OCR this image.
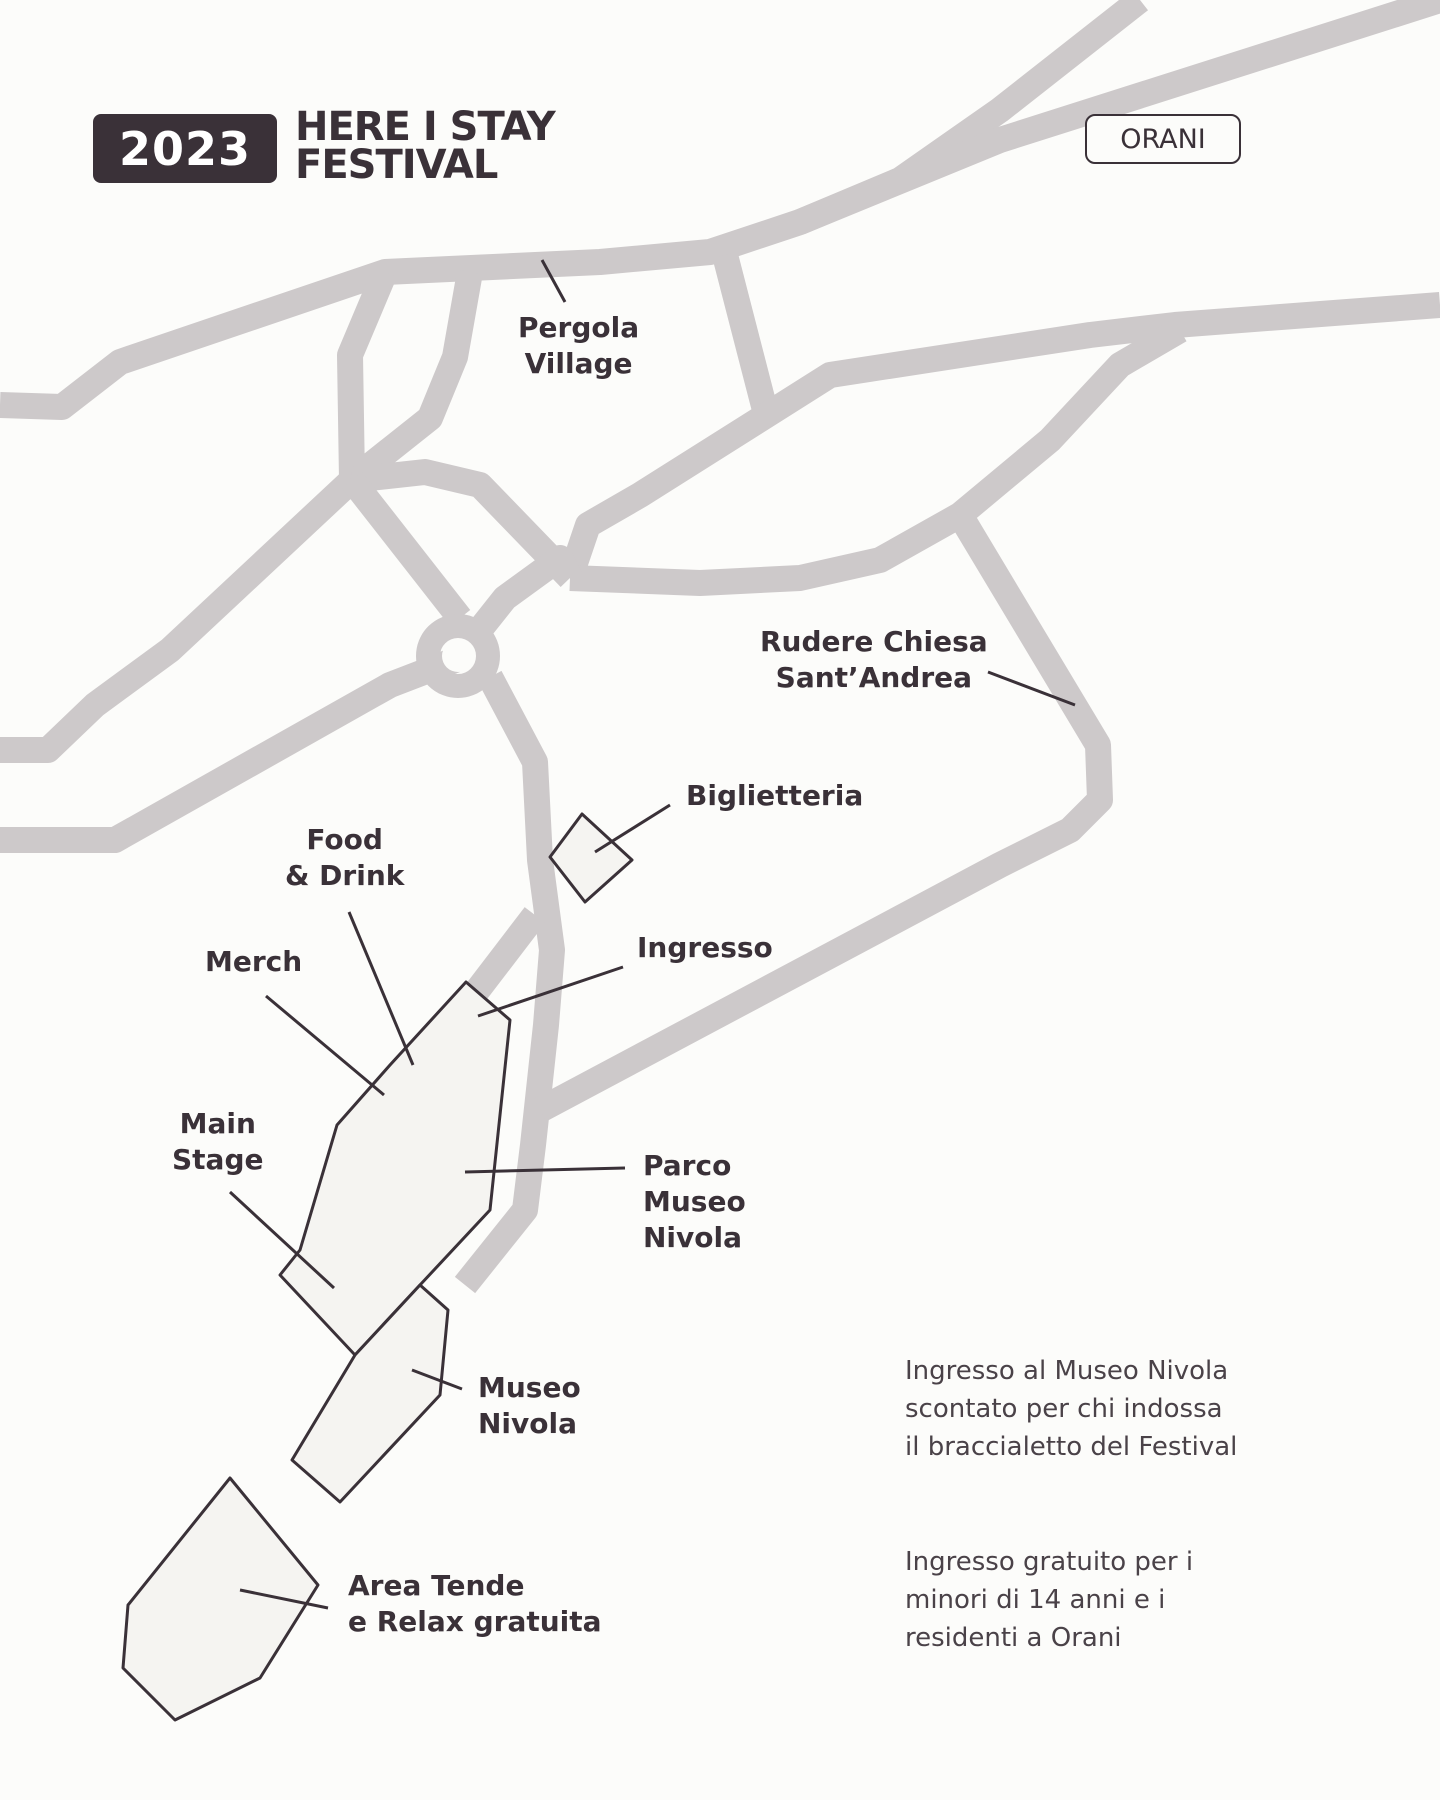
2023	HERE I STAY
FESTIVAL
ORANI
Pergola
Village
Rudere Chiesa
Sant’Andrea
Biglietteria
Food
& Drink
Merch	Ingresso
Main
Stage	Parco
Museo
Nivola
Museo
Nivola
Area Tende
e Relax gratuita
Ingresso al Museo Nivola
scontato per chi indossa
il braccialetto del Festival
Ingresso gratuito per i
minori di 14 anni e i
residenti a Orani
